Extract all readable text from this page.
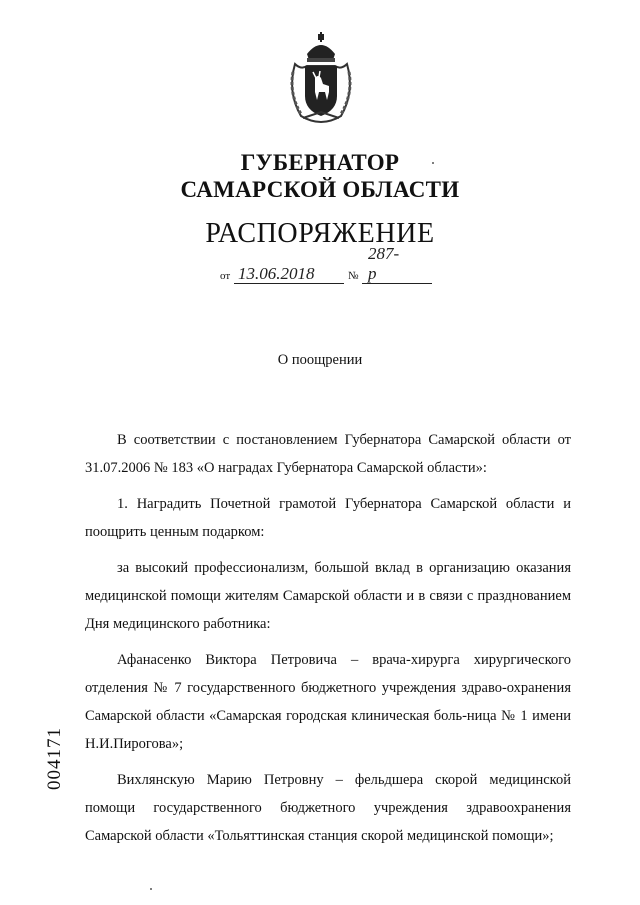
ГУБЕРНАТОР
САМАРСКОЙ ОБЛАСТИ
РАСПОРЯЖЕНИЕ
от 13.06.2018	№
287-р
О поощрении

В соответствии с постановлением Губернатора Самарской области от 31.07.2006 № 183 «О наградах Губернатора Самарской области»:

1. Наградить Почетной грамотой Губернатора Самарской области и поощрить ценным подарком:

за высокий профессионализм, большой вклад в организацию оказания медицинской помощи жителям Самарской области и в связи с празднованием Дня медицинского работника:

Афанасенко Виктора Петровича – врача-хирурга хирургического отделения № 7 государственного бюджетного учреждения здраво-охранения Самарской области «Самарская городская клиническая боль-ница № 1 имени Н.И.Пирогова»;

Вихлянскую Марию Петровну – фельдшера скорой медицинской помощи государственного бюджетного учреждения здравоохранения Самарской области «Тольяттинская станция скорой медицинской помощи»;

004171
